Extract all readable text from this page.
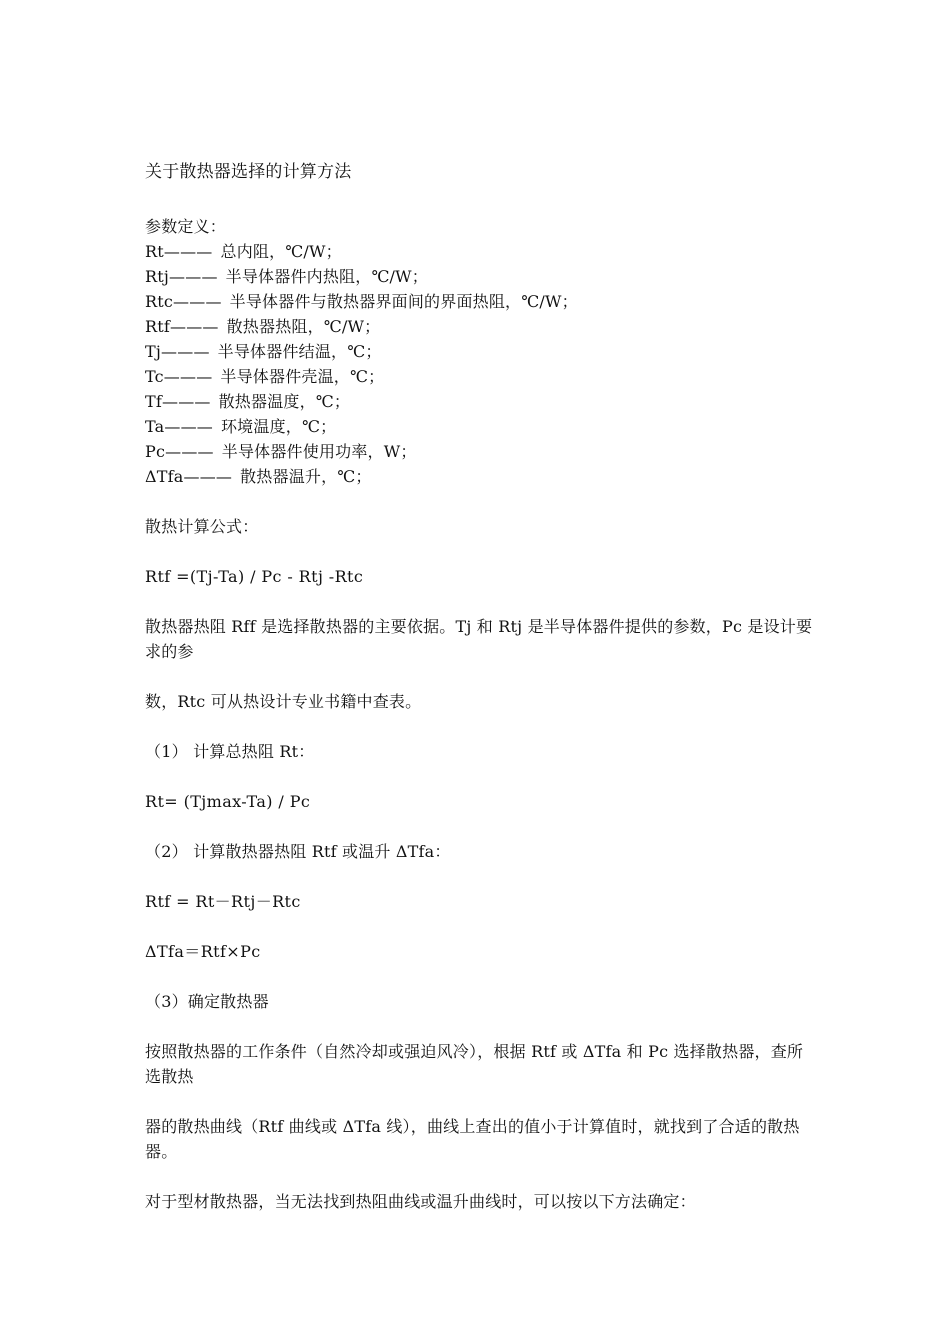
关于散热器选择的计算方法

参数定义：

Rt ——— 总内阻，℃/W；
Rtj ——— 半导体器件内热阻，℃/W；
Rtc ——— 半导体器件与散热器界面间的界面热阻，℃/W；
Rtf ——— 散热器热阻，℃/W；
Tj ——— 半导体器件结温，℃；
Tc ——— 半导体器件壳温，℃；
Tf ——— 散热器温度，℃；
Ta ——— 环境温度，℃；
Pc ——— 半导体器件使用功率，W；
ΔTfa ——— 散热器温升，℃；

散热计算公式：

Rtf =(Tj-Ta) / Pc - Rtj -Rtc

散热器热阻 Rff 是选择散热器的主要依据。Tj 和 Rtj 是半导体器件提供的参数，Pc 是设计要求的参

数，Rtc 可从热设计专业书籍中查表。

（1） 计算总热阻 Rt：

Rt= (Tjmax-Ta) / Pc

（2） 计算散热器热阻 Rtf 或温升 ΔTfa：

Rtf = Rt－Rtj－Rtc

ΔTfa＝Rtf×Pc

（3）确定散热器

按照散热器的工作条件（自然冷却或强迫风冷），根据 Rtf 或 ΔTfa 和 Pc 选择散热器，查所选散热

器的散热曲线（Rtf 曲线或 ΔTfa 线），曲线上查出的值小于计算值时，就找到了合适的散热器。

对于型材散热器，当无法找到热阻曲线或温升曲线时，可以按以下方法确定：
